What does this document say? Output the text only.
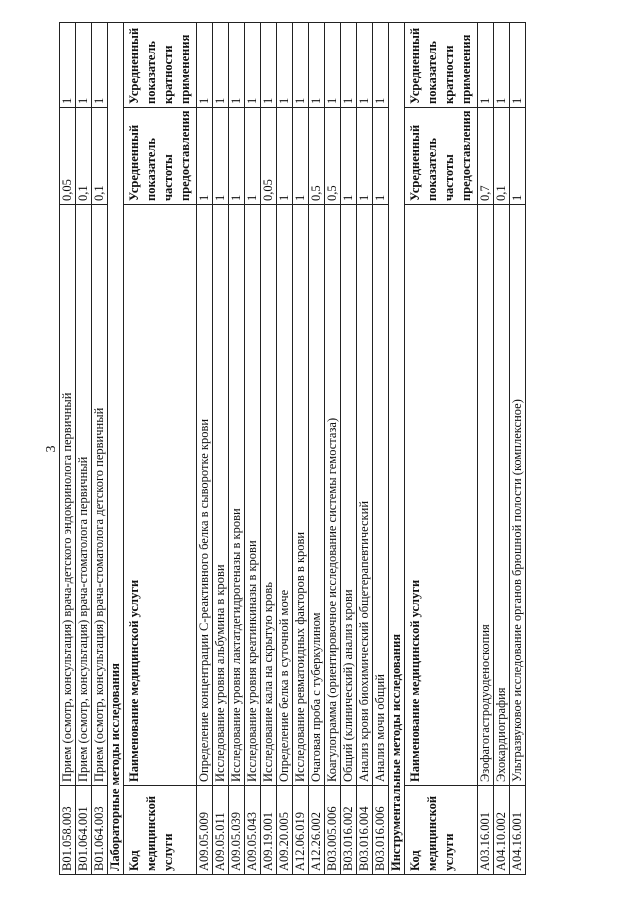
3
B01.058.003	Прием (осмотр, консультация) врача-детского эндокринолога первичный	0,05	1
B01.064.001	Прием (осмотр, консультация) врача-стоматолога первичный	0,1	1
B01.064.003	Прием (осмотр, консультация) врача-стоматолога детского первичный	0,1	1
Лабораторные методы исследования			
Код медицинской услуги	Наименование медицинской услуги	Усредненный показатель частоты предоставления	Усредненный показатель кратности применения
A09.05.009	Определение концентрации C-реактивного белка в сыворотке крови	1	1
A09.05.011	Исследование уровня альбумина в крови	1	1
A09.05.039	Исследование уровня лактатдегидрогеназы в крови	1	1
A09.05.043	Исследование уровня креатинкиназы в крови	1	1
A09.19.001	Исследование кала на скрытую кровь	0,05	1
A09.20.005	Определение белка в суточной моче	1	1
A12.06.019	Исследование ревматоидных факторов в крови	1	1
A12.26.002	Очаговая проба с туберкулином	0,5	1
B03.005.006	Коагулограмма (ориентировочное исследование системы гемостаза)	0,5	1
B03.016.002	Общий (клинический) анализ крови	1	1
B03.016.004	Анализ крови биохимический общетерапевтический	1	1
B03.016.006	Анализ мочи общий	1	1
Инструментальные методы исследования			
Код медицинской услуги	Наименование медицинской услуги	Усредненный показатель частоты предоставления	Усредненный показатель кратности применения
A03.16.001	Эзофагогастродуоденоскопия	0,7	1
A04.10.002	Эхокардиография	0,1	1
A04.16.001	Ультразвуковое исследование органов брюшной полости (комплексное)	1	1
